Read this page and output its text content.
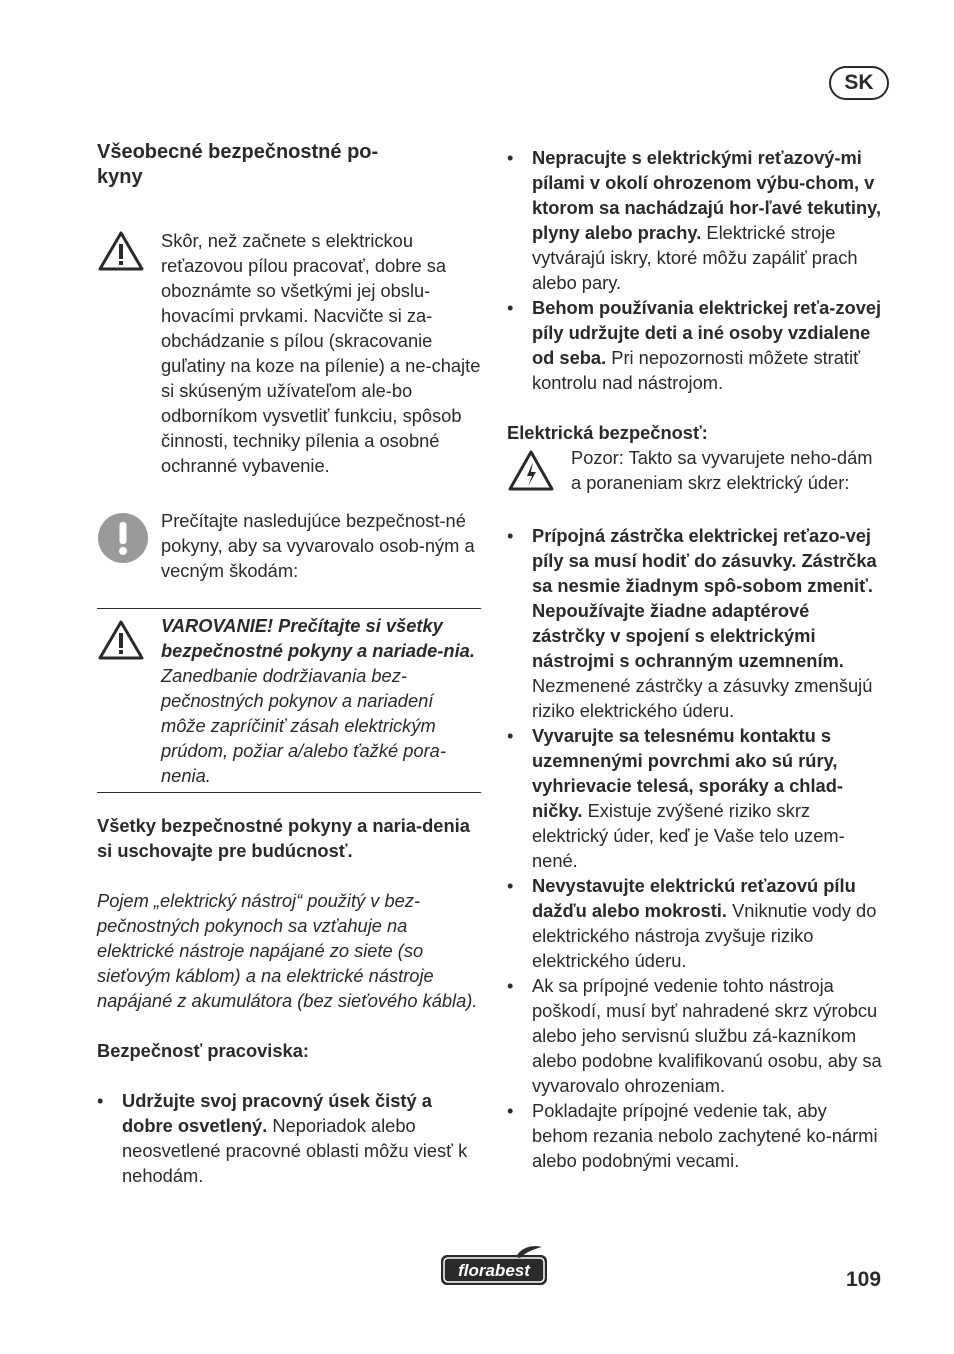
SK
Všeobecné bezpečnostné po-
kyny

Skôr, než začnete s elektrickou reťazovou pílou pracovať, dobre sa oboznámte so všetkými jej obslu-hovacími prvkami. Nacvičte si za-obchádzanie s pílou (skracovanie guľatiny na koze na pílenie) a ne-chajte si skúseným užívateľom ale-bo odborníkom vysvetliť funkciu, spôsob činnosti, techniky pílenia a osobné ochranné vybavenie.

Prečítajte nasledujúce bezpečnost-né pokyny, aby sa vyvarovalo osob-ným a vecným škodám:

VAROVANIE! Prečítajte si všetky bezpečnostné pokyny a nariade-nia. Zanedbanie dodržiavania bez-pečnostných pokynov a nariadení môže zapríčiniť zásah elektrickým prúdom, požiar a/alebo ťažké pora-nenia.

Všetky bezpečnostné pokyny a naria-denia si uschovajte pre budúcnosť.

Pojem „elektrický nástroj“ použitý v bez-pečnostných pokynoch sa vzťahuje na elektrické nástroje napájané zo siete (so sieťovým káblom) a na elektrické nástroje napájané z akumulátora (bez sieťového kábla).

Bezpečnosť pracoviska:

• Udržujte svoj pracovný úsek čistý a dobre osvetlený. Neporiadok alebo neosvetlené pracovné oblasti môžu viesť k nehodám.
• Nepracujte s elektrickými reťazový-mi pílami v okolí ohrozenom výbu-chom, v ktorom sa nachádzajú hor-ľavé tekutiny, plyny alebo prachy. Elektrické stroje vytvárajú iskry, ktoré môžu zapáliť prach alebo pary.
• Behom používania elektrickej reťa-zovej píly udržujte deti a iné osoby vzdialene od seba. Pri nepozornosti môžete stratiť kontrolu nad nástrojom.

Elektrická bezpečnosť:

Pozor: Takto sa vyvarujete neho-dám a poraneniam skrz elektrický úder:

• Prípojná zástrčka elektrickej reťazo-vej píly sa musí hodiť do zásuvky. Zástrčka sa nesmie žiadnym spô-sobom zmeniť. Nepoužívajte žiadne adaptérové zástrčky v spojení s elektrickými nástrojmi s ochranným uzemnením. Nezmenené zástrčky a zásuvky zmenšujú riziko elektrického úderu.
• Vyvarujte sa telesnému kontaktu s uzemnenými povrchmi ako sú rúry, vyhrievacie telesá, sporáky a chlad-ničky. Existuje zvýšené riziko skrz elektrický úder, keď je Vaše telo uzem-nené.
• Nevystavujte elektrickú reťazovú pílu dažďu alebo mokrosti. Vniknutie vody do elektrického nástroja zvyšuje riziko elektrického úderu.
• Ak sa prípojné vedenie tohto nástroja poškodí, musí byť nahradené skrz výrobcu alebo jeho servisnú službu zá-kazníkom alebo podobne kvalifikovanú osobu, aby sa vyvarovalo ohrozeniam.
• Pokladajte prípojné vedenie tak, aby behom rezania nebolo zachytené ko-nármi alebo podobnými vecami.
florabest	109
